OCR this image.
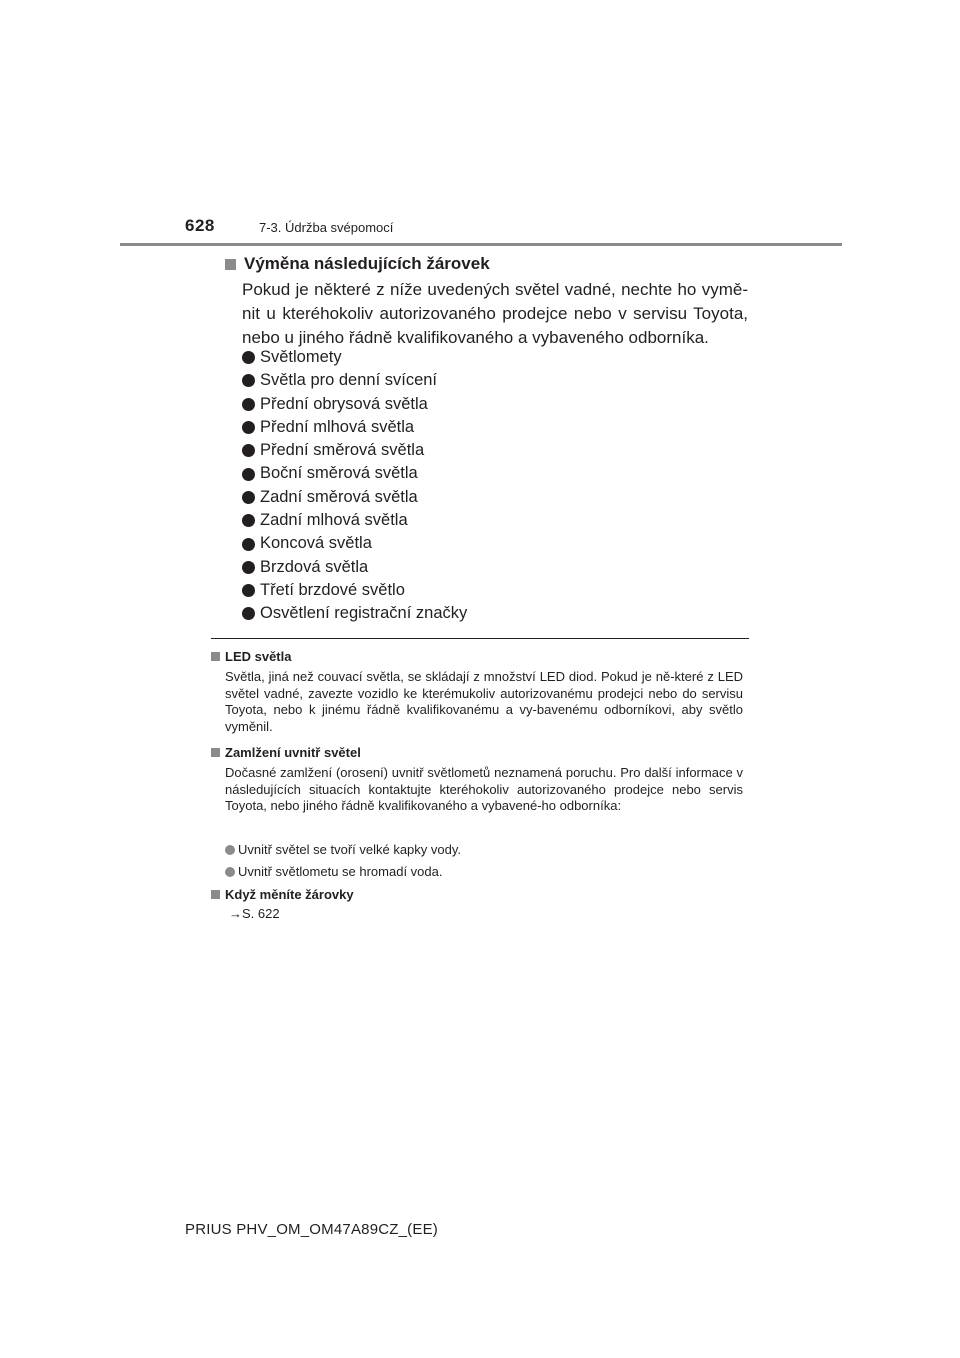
628	7-3. Údržba svépomocí
Výměna následujících žárovek
Pokud je některé z níže uvedených světel vadné, nechte ho vymě-nit u kteréhokoliv autorizovaného prodejce nebo v servisu Toyota, nebo u jiného řádně kvalifikovaného a vybaveného odborníka.
Světlomety
Světla pro denní svícení
Přední obrysová světla
Přední mlhová světla
Přední směrová světla
Boční směrová světla
Zadní směrová světla
Zadní mlhová světla
Koncová světla
Brzdová světla
Třetí brzdové světlo
Osvětlení registrační značky
LED světla
Světla, jiná než couvací světla, se skládají z množství LED diod. Pokud je ně-které z LED světel vadné, zavezte vozidlo ke kterémukoliv autorizovanému prodejci nebo do servisu Toyota, nebo k jinému řádně kvalifikovanému a vy-bavenému odborníkovi, aby světlo vyměnil.
Zamlžení uvnitř světel
Dočasné zamlžení (orosení) uvnitř světlometů neznamená poruchu. Pro další informace v následujících situacích kontaktujte kteréhokoliv autorizovaného prodejce nebo servis Toyota, nebo jiného řádně kvalifikovaného a vybavené-ho odborníka:
Uvnitř světel se tvoří velké kapky vody.
Uvnitř světlometu se hromadí voda.
Když měníte žárovky
→S. 622
PRIUS PHV_OM_OM47A89CZ_(EE)
